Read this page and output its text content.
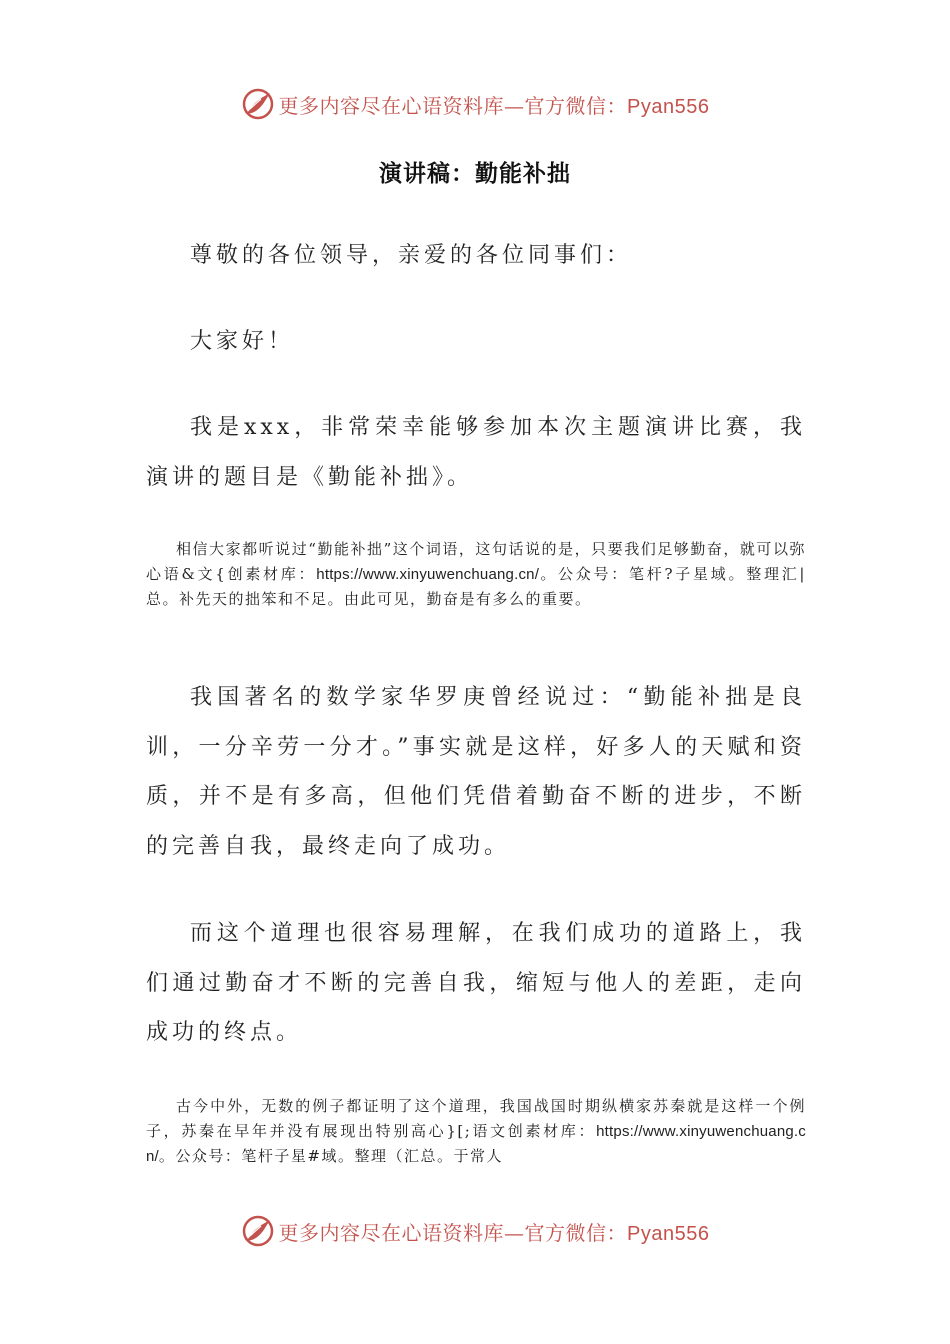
更多内容尽在心语资料库—官方微信：Pyan556
演讲稿：勤能补拙

尊敬的各位领导，亲爱的各位同事们：

大家好！

我是xxx，非常荣幸能够参加本次主题演讲比赛，我演讲的题目是《勤能补拙》。

相信大家都听说过“勤能补拙”这个词语，这句话说的是，只要我们足够勤奋，就可以弥心语&文{创素材库：https://www.xinyuwenchuang.cn/。公众号：笔杆?子星域。整理汇|总。补先天的拙笨和不足。由此可见，勤奋是有多么的重要。

我国著名的数学家华罗庚曾经说过：“勤能补拙是良训，一分辛劳一分才。”事实就是这样，好多人的天赋和资质，并不是有多高，但他们凭借着勤奋不断的进步，不断的完善自我，最终走向了成功。

而这个道理也很容易理解，在我们成功的道路上，我们通过勤奋才不断的完善自我，缩短与他人的差距，走向成功的终点。

古今中外，无数的例子都证明了这个道理，我国战国时期纵横家苏秦就是这样一个例子，苏秦在早年并没有展现出特别高心}[;语文创素材库：https://www.xinyuwenchuang.cn/。公众号：笔杆子星#域。整理（汇总。于常人

更多内容尽在心语资料库—官方微信：Pyan556
